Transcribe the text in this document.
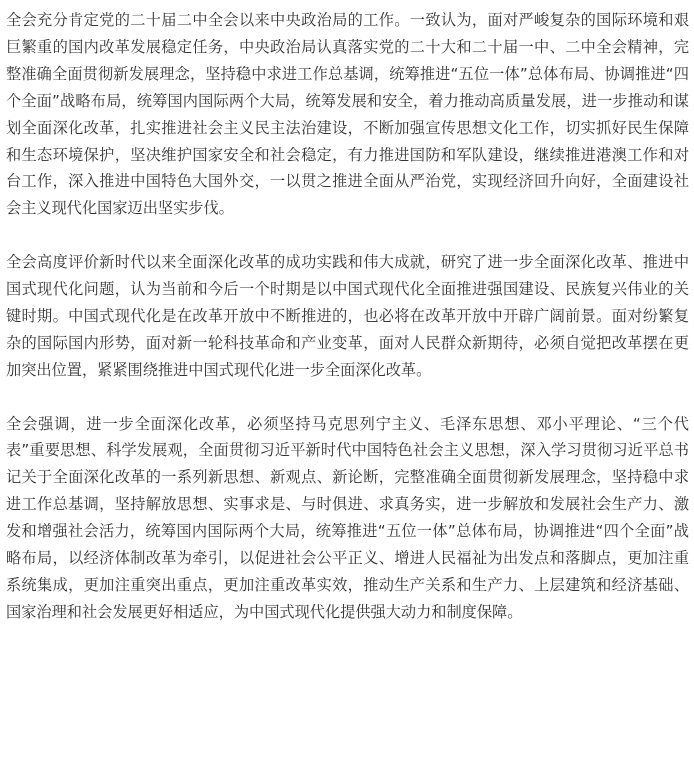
全会充分肯定党的二十届二中全会以来中央政治局的工作。一致认为，面对严峻复杂的国际环境和艰巨繁重的国内改革发展稳定任务，中央政治局认真落实党的二十大和二十届一中、二中全会精神，完整准确全面贯彻新发展理念，坚持稳中求进工作总基调，统筹推进“五位一体”总体布局、协调推进“四个全面”战略布局，统筹国内国际两个大局，统筹发展和安全，着力推动高质量发展，进一步推动和谋划全面深化改革，扎实推进社会主义民主法治建设，不断加强宣传思想文化工作，切实抓好民生保障和生态环境保护，坚决维护国家安全和社会稳定，有力推进国防和军队建设，继续推进港澳工作和对台工作，深入推进中国特色大国外交，一以贯之推进全面从严治党，实现经济回升向好，全面建设社会主义现代化国家迈出坚实步伐。

全会高度评价新时代以来全面深化改革的成功实践和伟大成就，研究了进一步全面深化改革、推进中国式现代化问题，认为当前和今后一个时期是以中国式现代化全面推进强国建设、民族复兴伟业的关键时期。中国式现代化是在改革开放中不断推进的，也必将在改革开放中开辟广阔前景。面对纷繁复杂的国际国内形势，面对新一轮科技革命和产业变革，面对人民群众新期待，必须自觉把改革摆在更加突出位置，紧紧围绕推进中国式现代化进一步全面深化改革。

全会强调，进一步全面深化改革，必须坚持马克思列宁主义、毛泽东思想、邓小平理论、“三个代表”重要思想、科学发展观，全面贯彻习近平新时代中国特色社会主义思想，深入学习贯彻习近平总书记关于全面深化改革的一系列新思想、新观点、新论断，完整准确全面贯彻新发展理念，坚持稳中求进工作总基调，坚持解放思想、实事求是、与时俱进、求真务实，进一步解放和发展社会生产力、激发和增强社会活力，统筹国内国际两个大局，统筹推进“五位一体”总体布局，协调推进“四个全面”战略布局，以经济体制改革为牵引，以促进社会公平正义、增进人民福祉为出发点和落脚点，更加注重系统集成，更加注重突出重点，更加注重改革实效，推动生产关系和生产力、上层建筑和经济基础、国家治理和社会发展更好相适应，为中国式现代化提供强大动力和制度保障。
